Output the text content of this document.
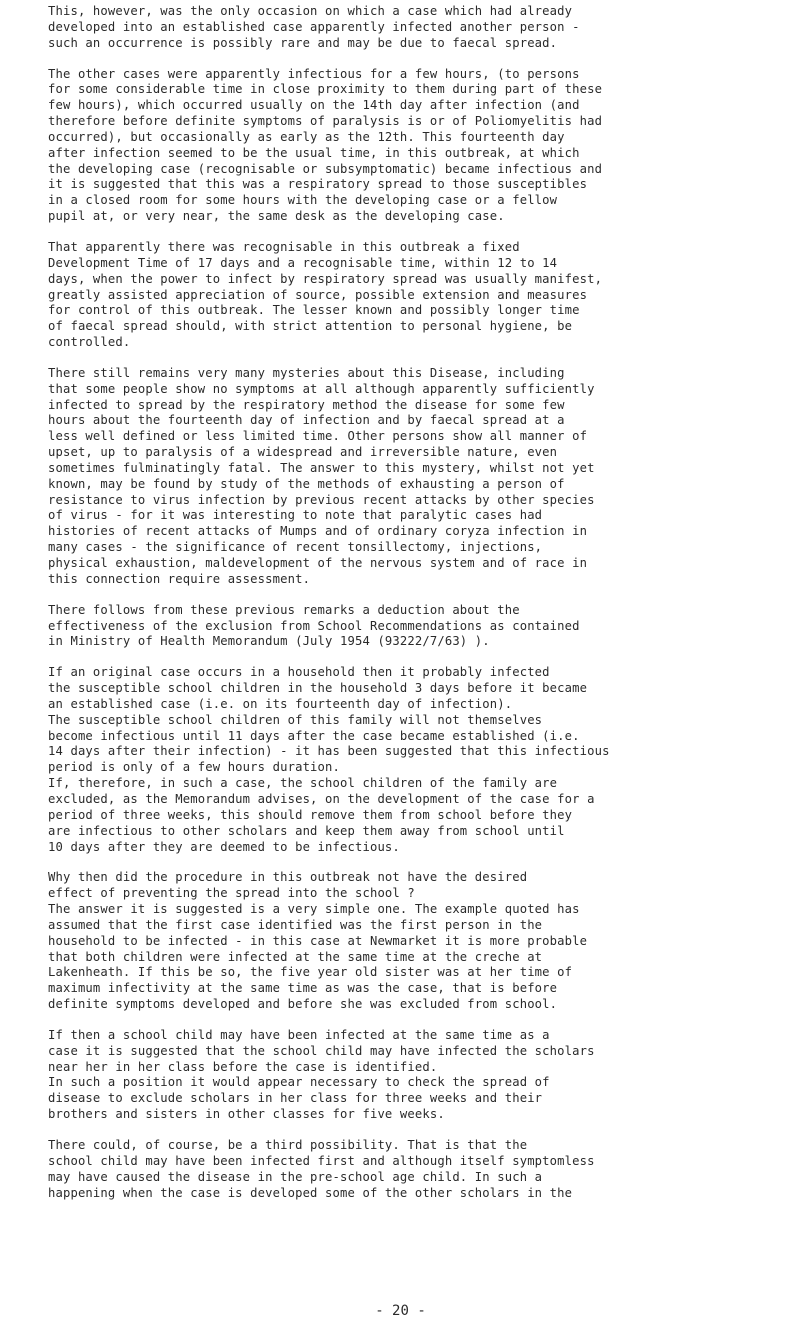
This, however, was the only occasion on which a case which had already
developed into an established case apparently infected another person -
such an occurrence is possibly rare and may be due to faecal spread.
The other cases were apparently infectious for a few hours, (to persons
for some considerable time in close proximity to them during part of these
few hours), which occurred usually on the 14th day after infection (and
therefore before definite symptoms of paralysis is or of Poliomyelitis had
occurred), but occasionally as early as the 12th. This fourteenth day
after infection seemed to be the usual time, in this outbreak, at which
the developing case (recognisable or subsymptomatic) became infectious and
it is suggested that this was a respiratory spread to those susceptibles
in a closed room for some hours with the developing case or a fellow
pupil at, or very near, the same desk as the developing case.
That apparently there was recognisable in this outbreak a fixed
Development Time of 17 days and a recognisable time, within 12 to 14
days, when the power to infect by respiratory spread was usually manifest,
greatly assisted appreciation of source, possible extension and measures
for control of this outbreak. The lesser known and possibly longer time
of faecal spread should, with strict attention to personal hygiene, be
controlled.
There still remains very many mysteries about this Disease, including
that some people show no symptoms at all although apparently sufficiently
infected to spread by the respiratory method the disease for some few
hours about the fourteenth day of infection and by faecal spread at a
less well defined or less limited time. Other persons show all manner of
upset, up to paralysis of a widespread and irreversible nature, even
sometimes fulminatingly fatal. The answer to this mystery, whilst not yet
known, may be found by study of the methods of exhausting a person of
resistance to virus infection by previous recent attacks by other species
of virus - for it was interesting to note that paralytic cases had
histories of recent attacks of Mumps and of ordinary coryza infection in
many cases - the significance of recent tonsillectomy, injections,
physical exhaustion, maldevelopment of the nervous system and of race in
this connection require assessment.
There follows from these previous remarks a deduction about the
effectiveness of the exclusion from School Recommendations as contained
in Ministry of Health Memorandum (July 1954 (93222/7/63) ).
If an original case occurs in a household then it probably infected
the susceptible school children in the household 3 days before it became
an established case (i.e. on its fourteenth day of infection).
The susceptible school children of this family will not themselves
become infectious until 11 days after the case became established (i.e.
14 days after their infection) - it has been suggested that this infectious
period is only of a few hours duration.
If, therefore, in such a case, the school children of the family are
excluded, as the Memorandum advises, on the development of the case for a
period of three weeks, this should remove them from school before they
are infectious to other scholars and keep them away from school until
10 days after they are deemed to be infectious.
Why then did the procedure in this outbreak not have the desired
effect of preventing the spread into the school ?
The answer it is suggested is a very simple one. The example quoted has
assumed that the first case identified was the first person in the
household to be infected - in this case at Newmarket it is more probable
that both children were infected at the same time at the creche at
Lakenheath. If this be so, the five year old sister was at her time of
maximum infectivity at the same time as was the case, that is before
definite symptoms developed and before she was excluded from school.
If then a school child may have been infected at the same time as a
case it is suggested that the school child may have infected the scholars
near her in her class before the case is identified.
In such a position it would appear necessary to check the spread of
disease to exclude scholars in her class for three weeks and their
brothers and sisters in other classes for five weeks.
There could, of course, be a third possibility. That is that the
school child may have been infected first and although itself symptomless
may have caused the disease in the pre-school age child. In such a
happening when the case is developed some of the other scholars in the
- 20 -
